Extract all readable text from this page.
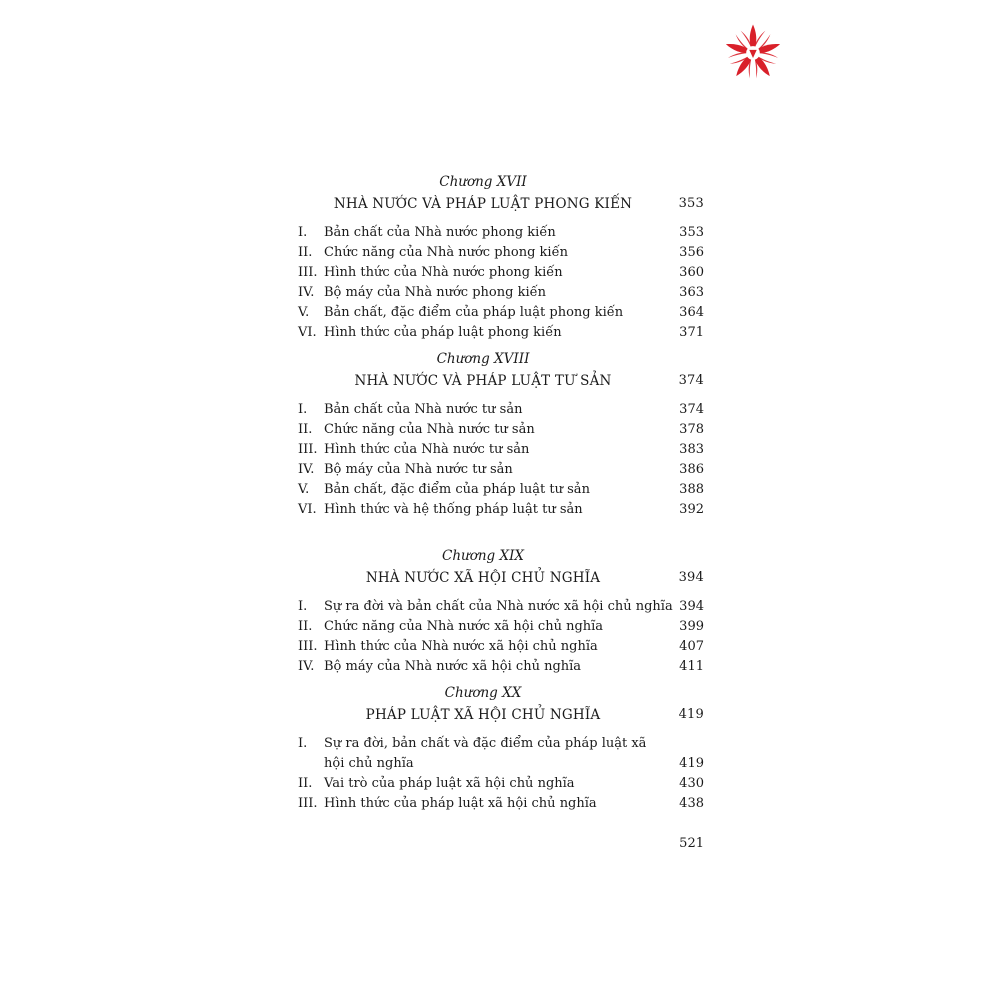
Chương XVII
NHÀ NƯỚC VÀ PHÁP LUẬT PHONG KIẾN	353
I.	Bản chất của Nhà nước phong kiến	353
II. Chức năng của Nhà nước phong kiến	356
III. Hình thức của Nhà nước phong kiến	360
IV. Bộ máy của Nhà nước phong kiến	363
V.	Bản chất, đặc điểm của pháp luật phong kiến	364
VI. Hình thức của pháp luật phong kiến	371
Chương XVIII
NHÀ NƯỚC VÀ PHÁP LUẬT TƯ SẢN	374
I.	Bản chất của Nhà nước tư sản	374
II. Chức năng của Nhà nước tư sản	378
III. Hình thức của Nhà nước tư sản	383
IV. Bộ máy của Nhà nước tư sản	386
V.	Bản chất, đặc điểm của pháp luật tư sản	388
VI. Hình thức và hệ thống pháp luật tư sản	392
Chương XIX
NHÀ NƯỚC XÃ HỘI CHỦ NGHĨA	394
I.	Sự ra đời và bản chất của Nhà nước xã hội chủ nghĩa 394
II. Chức năng của Nhà nước xã hội chủ nghĩa	399
III. Hình thức của Nhà nước xã hội chủ nghĩa	407
IV. Bộ máy của Nhà nước xã hội chủ nghĩa	411
Chương XX
PHÁP LUẬT XÃ HỘI CHỦ NGHĨA	419
I.	Sự ra đời, bản chất và đặc điểm của pháp luật xã hội chủ nghĩa	419
II. Vai trò của pháp luật xã hội chủ nghĩa	430
III. Hình thức của pháp luật xã hội chủ nghĩa	438
521
